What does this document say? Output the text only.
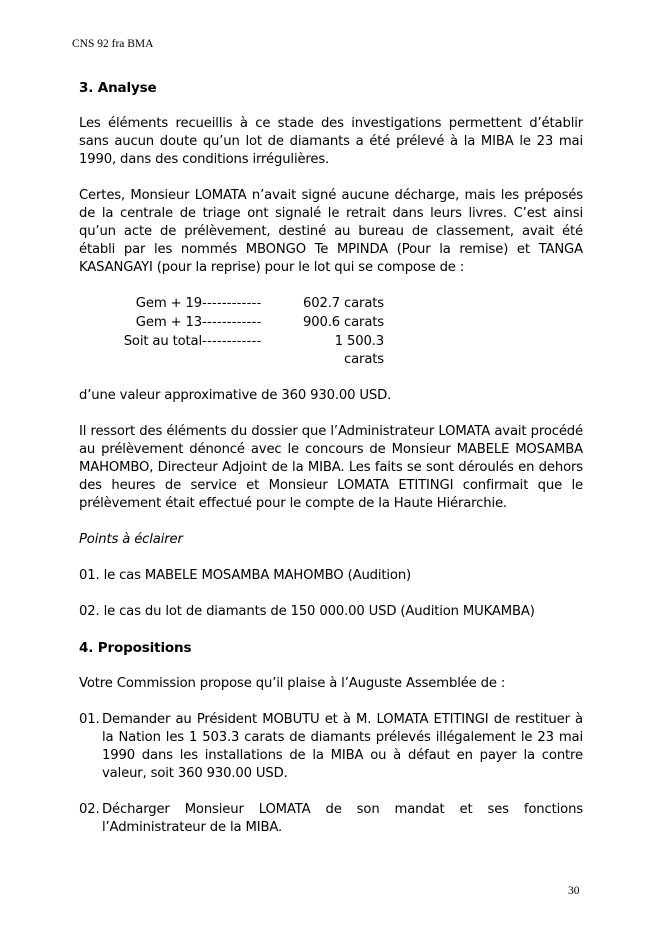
CNS 92 fra BMA
3. Analyse

Les éléments recueillis à ce stade des investigations permettent d’établir sans aucun doute qu’un lot de diamants a été prélevé à la MIBA le 23 mai 1990, dans des conditions irrégulières.

Certes, Monsieur LOMATA n’avait signé aucune décharge, mais les préposés de la centrale de triage ont signalé le retrait dans leurs livres. C’est ainsi qu’un acte de prélèvement, destiné au bureau de classement, avait été établi par les nommés MBONGO Te MPINDA (Pour la remise) et TANGA KASANGAYI (pour la reprise) pour le lot qui se compose de :

Gem + 19	------------	602.7 carats
Gem + 13	------------	900.6 carats
Soit au total	------------	1 500.3 carats

d’une valeur approximative de 360 930.00 USD.

Il ressort des éléments du dossier que l’Administrateur LOMATA avait procédé au prélèvement dénoncé avec le concours de Monsieur MABELE MOSAMBA MAHOMBO, Directeur Adjoint de la MIBA. Les faits se sont déroulés en dehors des heures de service et Monsieur LOMATA ETITINGI confirmait que le prélèvement était effectué pour le compte de la Haute Hiérarchie.

Points à éclairer
01. le cas MABELE MOSAMBA MAHOMBO (Audition)
02. le cas du lot de diamants de 150 000.00 USD (Audition MUKAMBA)
4. Propositions

Votre Commission propose qu’il plaise à l’Auguste Assemblée de :

01. Demander au Président MOBUTU et à M. LOMATA ETITINGI de restituer à la Nation les 1 503.3 carats de diamants prélevés illégalement le 23 mai 1990 dans les installations de la MIBA ou à défaut en payer la contre valeur, soit 360 930.00 USD.
02. Décharger Monsieur LOMATA de son mandat et ses fonctions l’Administrateur de la MIBA.
30
